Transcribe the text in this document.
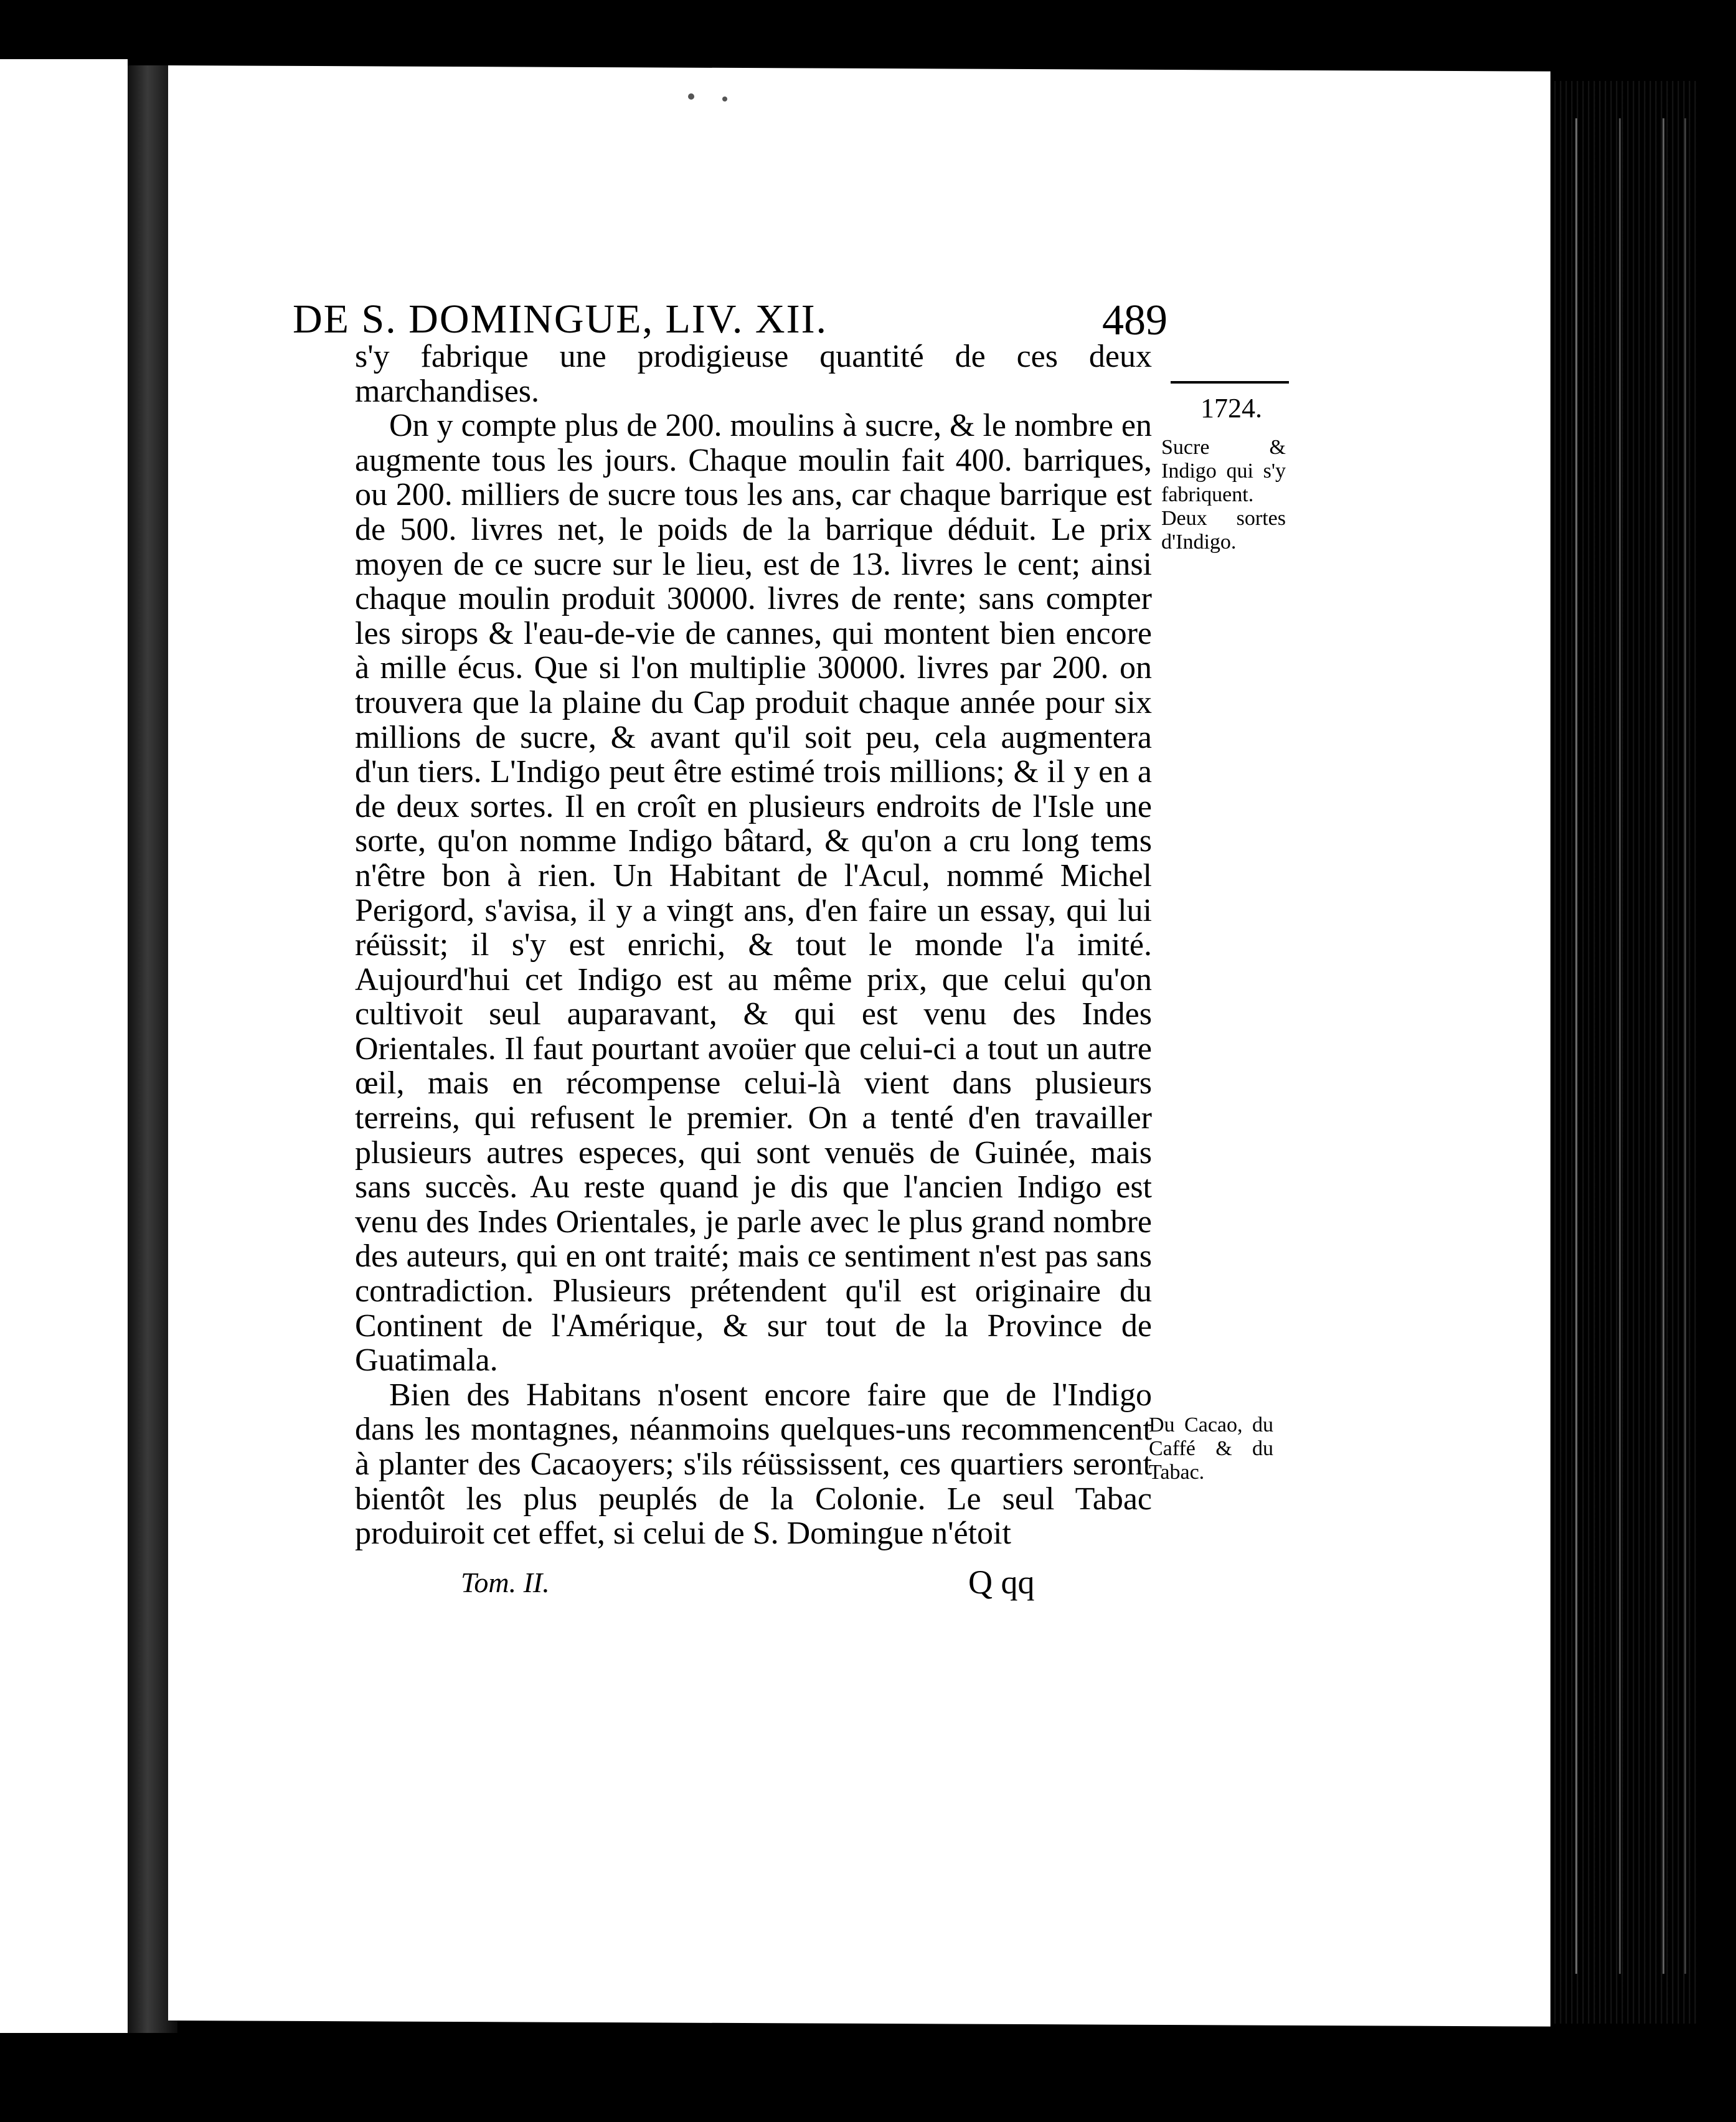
DE S. DOMINGUE, LIV. XII.	489

s'y fabrique une prodigieuse quantité de ces deux marchandises.

On y compte plus de 200. moulins à sucre, & le nombre en augmente tous les jours. Chaque moulin fait 400. barriques, ou 200. milliers de sucre tous les ans, car chaque barrique est de 500. livres net, le poids de la barrique déduit. Le prix moyen de ce sucre sur le lieu, est de 13. livres le cent; ainsi chaque moulin produit 30000. livres de rente; sans compter les sirops & l'eau-de-vie de cannes, qui montent bien encore à mille écus. Que si l'on multiplie 30000. livres par 200. on trouvera que la plaine du Cap produit chaque année pour six millions de sucre, & avant qu'il soit peu, cela augmentera d'un tiers. L'Indigo peut être estimé trois millions; & il y en a de deux sortes. Il en croît en plusieurs endroits de l'Isle une sorte, qu'on nomme Indigo bâtard, & qu'on a cru long tems n'être bon à rien. Un Habitant de l'Acul, nommé Michel Perigord, s'avisa, il y a vingt ans, d'en faire un essay, qui lui réüssit; il s'y est enrichi, & tout le monde l'a imité. Aujourd'hui cet Indigo est au même prix, que celui qu'on cultivoit seul auparavant, & qui est venu des Indes Orientales. Il faut pourtant avoüer que celui-ci a tout un autre œil, mais en récompense celui-là vient dans plusieurs terreins, qui refusent le premier. On a tenté d'en travailler plusieurs autres especes, qui sont venuës de Guinée, mais sans succès. Au reste quand je dis que l'ancien Indigo est venu des Indes Orientales, je parle avec le plus grand nombre des auteurs, qui en ont traité; mais ce sentiment n'est pas sans contradiction. Plusieurs prétendent qu'il est originaire du Continent de l'Amérique, & sur tout de la Province de Guatimala.

Bien des Habitans n'osent encore faire que de l'Indigo dans les montagnes, néanmoins quelques-uns recommencent à planter des Cacaoyers; s'ils réüssissent, ces quartiers seront bientôt les plus peuplés de la Colonie. Le seul Tabac produiroit cet effet, si celui de S. Domingue n'étoit

1724.
Sucre & Indigo qui s'y fabriquent. Deux sortes d'Indigo.
Du Cacao, du Caffé & du Tabac.
Tom. II.	Q qq
